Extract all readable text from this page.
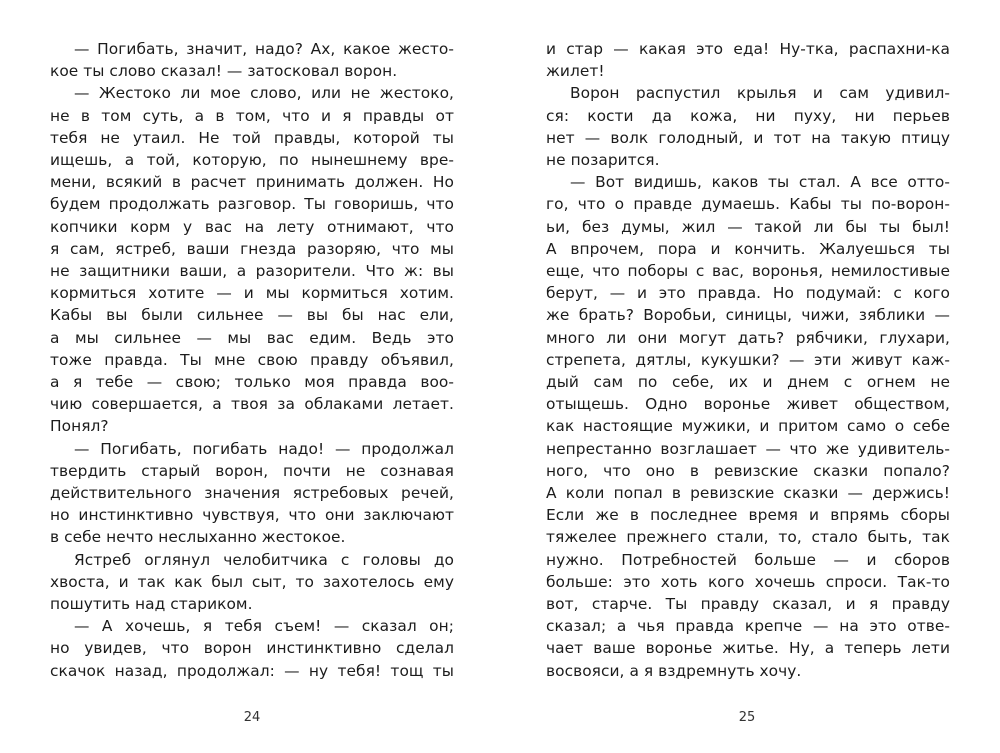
— Погибать, значит, надо? Ах, какое жесто-
кое ты слово сказал! — затосковал ворон.
— Жестоко ли мое слово, или не жестоко,
не в том суть, а в том, что и я правды от
тебя не утаил. Не той правды, которой ты
ищешь, а той, которую, по нынешнему вре-
мени, всякий в расчет принимать должен. Но
будем продолжать разговор. Ты говоришь, что
копчики корм у вас на лету отнимают, что
я сам, ястреб, ваши гнезда разоряю, что мы
не защитники ваши, а разорители. Что ж: вы
кормиться хотите — и мы кормиться хотим.
Кабы вы были сильнее — вы бы нас ели,
а мы сильнее — мы вас едим. Ведь это
тоже правда. Ты мне свою правду объявил,
а я тебе — свою; только моя правда воо-
чию совершается, а твоя за облаками летает.
Понял?
— Погибать, погибать надо! — продолжал
твердить старый ворон, почти не сознавая
действительного значения ястребовых речей,
но инстинктивно чувствуя, что они заключают
в себе нечто неслыханно жестокое.
Ястреб оглянул челобитчика с головы до
хвоста, и так как был сыт, то захотелось ему
пошутить над стариком.
— А хочешь, я тебя съем! — сказал он;
но увидев, что ворон инстинктивно сделал
скачок назад, продолжал: — ну тебя! тощ ты
24
и стар — какая это еда! Ну-тка, распахни-ка
жилет!
Ворон распустил крылья и сам удивил-
ся: кости да кожа, ни пуху, ни перьев
нет — волк голодный, и тот на такую птицу
не позарится.
— Вот видишь, каков ты стал. А все отто-
го, что о правде думаешь. Кабы ты по-ворон-
ьи, без думы, жил — такой ли бы ты был!
А впрочем, пора и кончить. Жалуешься ты
еще, что поборы с вас, воронья, немилостивые
берут, — и это правда. Но подумай: с кого
же брать? Воробьи, синицы, чижи, зяблики —
много ли они могут дать? рябчики, глухари,
стрепета, дятлы, кукушки? — эти живут каж-
дый сам по себе, их и днем с огнем не
отыщешь. Одно воронье живет обществом,
как настоящие мужики, и притом само о себе
непрестанно возглашает — что же удивитель-
ного, что оно в ревизские сказки попало?
А коли попал в ревизские сказки — держись!
Если же в последнее время и впрямь сборы
тяжелее прежнего стали, то, стало быть, так
нужно. Потребностей больше — и сборов
больше: это хоть кого хочешь спроси. Так-то
вот, старче. Ты правду сказал, и я правду
сказал; а чья правда крепче — на это отве-
чает ваше воронье житье. Ну, а теперь лети
восвояси, а я вздремнуть хочу.
25
